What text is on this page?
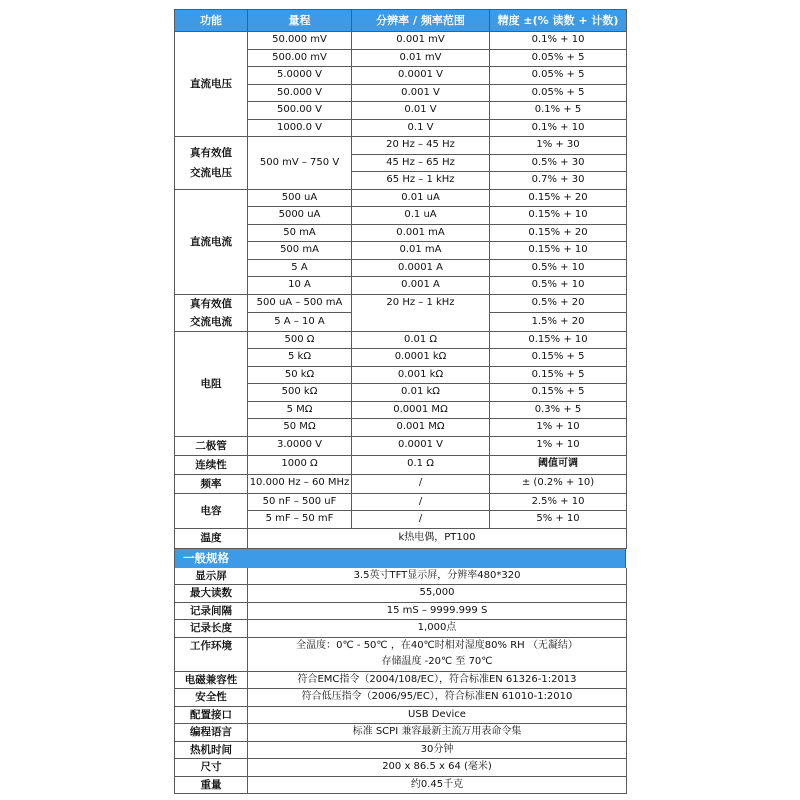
功能	量程	分辨率 / 频率范围	精度 ±(% 读数 + 计数)
直流电压	50.000 mV	0.001 mV	0.1% + 10
	500.00 mV	0.01 mV	0.05% + 5
	5.0000 V	0.0001 V	0.05% + 5
	50.000 V	0.001 V	0.05% + 5
	500.00 V	0.01 V	0.1% + 5
	1000.0 V	0.1 V	0.1% + 10

真有效值
交流电压	500 mV – 750 V	20 Hz – 45 Hz	1% + 30
		45 Hz – 65 Hz	0.5% + 30
		65 Hz – 1 kHz	0.7% + 30
直流电流	500 uA	0.01 uA	0.15% + 20
	5000 uA	0.1 uA	0.15% + 10
	50 mA	0.001 mA	0.15% + 20
	500 mA	0.01 mA	0.15% + 10
	5 A	0.0001 A	0.5% + 10
	10 A	0.001 A	0.5% + 10

真有效值
交流电流	500 uA – 500 mA	20 Hz – 1 kHz	0.5% + 20
	5 A – 10 A		1.5% + 20
电阻	500 Ω	0.01 Ω	0.15% + 10
	5 kΩ	0.0001 kΩ	0.15% + 5
	50 kΩ	0.001 kΩ	0.15% + 5
	500 kΩ	0.01 kΩ	0.15% + 5
	5 MΩ	0.0001 MΩ	0.3% + 5
	50 MΩ	0.001 MΩ	1% + 10
二极管	3.0000 V	0.0001 V	1% + 10
连续性	1000 Ω	0.1 Ω	阈值可调
频率	10.000 Hz – 60 MHz	/	± (0.2% + 10)
电容	50 nF – 500 uF	/	2.5% + 10
	5 mF – 50 mF	/	5% + 10
温度	k热电偶，PT100		
一般规格
显示屏	3.5英寸TFT显示屏，分辨率480*320
最大读数	55,000
记录间隔	15 mS – 9999.999 S
记录长度	1,000点
工作环境	全温度：0℃ - 50℃ ，在40℃时相对湿度80% RH （无凝结）
	存储温度 -20℃ 至 70℃
电磁兼容性	符合EMC指令（2004/108/EC），符合标准EN 61326-1:2013
安全性	符合低压指令（2006/95/EC），符合标准EN 61010-1:2010
配置接口	USB Device
编程语言	标准 SCPI 兼容最新主流万用表命令集
热机时间	30分钟
尺寸	200 x 86.5 x 64 (毫米)
重量	约0.45千克
